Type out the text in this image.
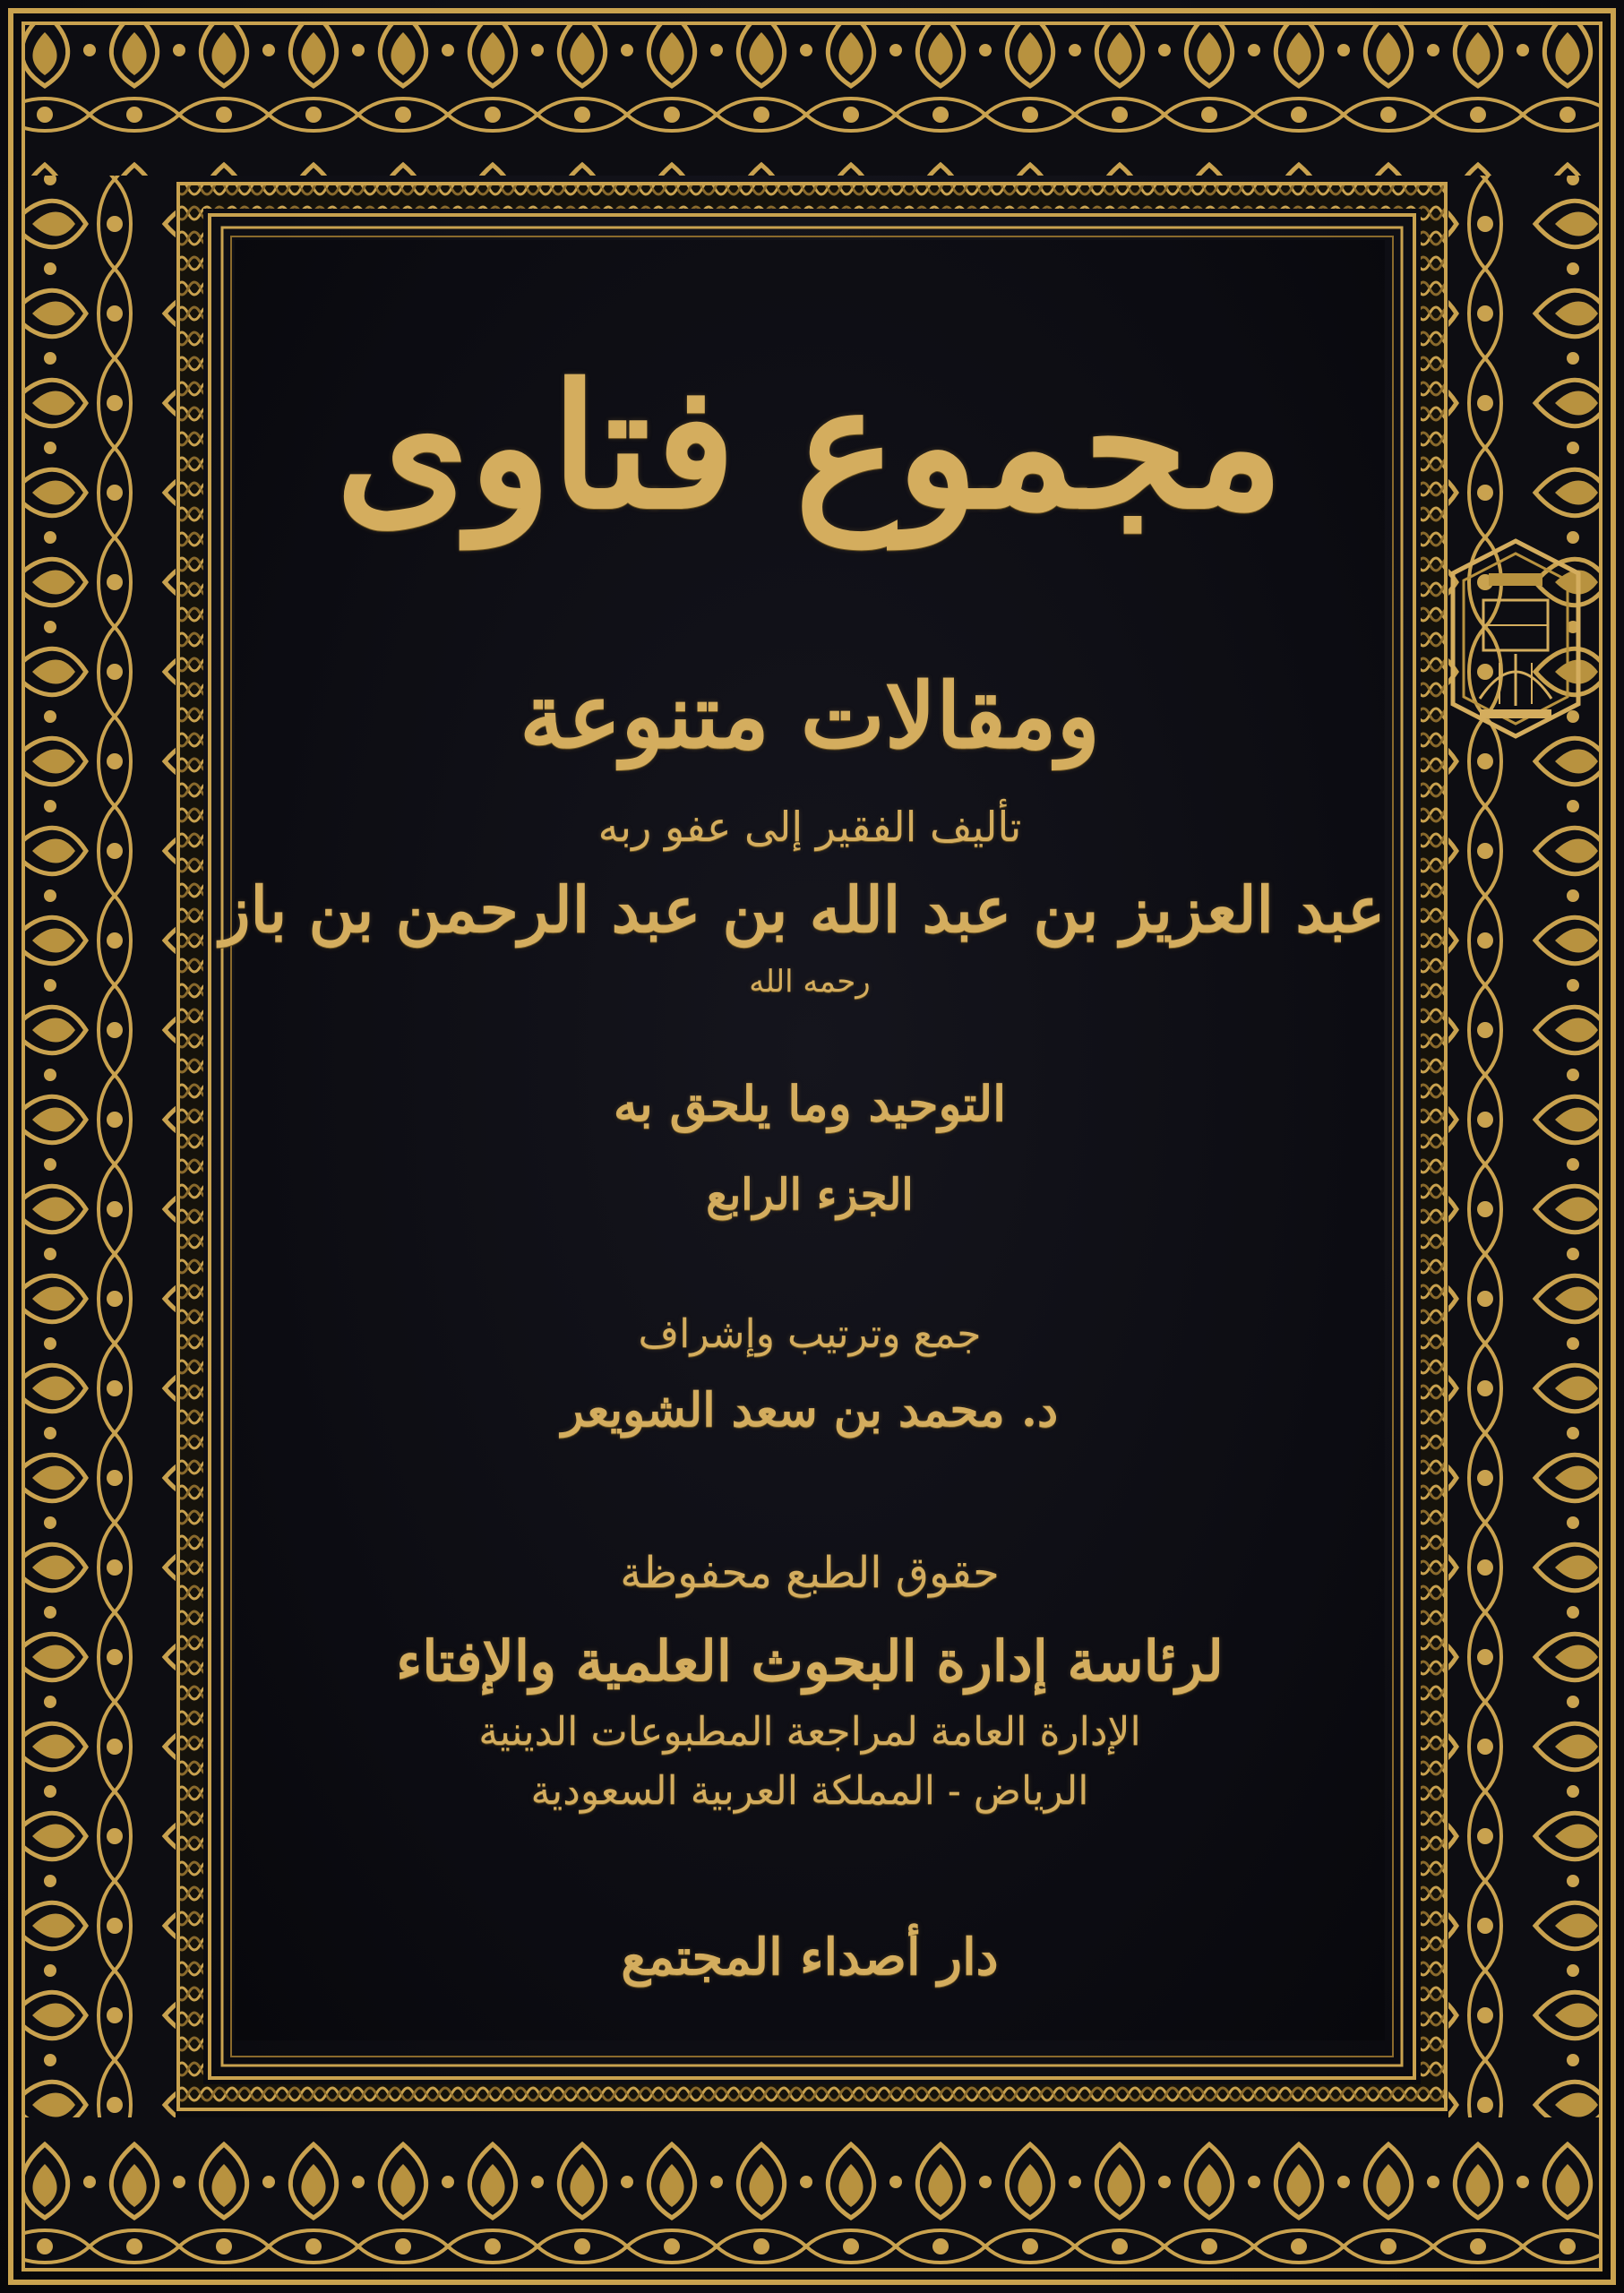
مجموع فتاوى

ومقالات متنوعة

تأليف الفقير إلى عفو ربه

عبد العزيز بن عبد الله بن عبد الرحمن بن باز

رحمه الله

التوحيد وما يلحق به

الجزء الرابع

جمع وترتيب وإشراف

د. محمد بن سعد الشويعر

حقوق الطبع محفوظة

لرئاسة إدارة البحوث العلمية والإفتاء

الإدارة العامة لمراجعة المطبوعات الدينية

الرياض - المملكة العربية السعودية

دار أصداء المجتمع
